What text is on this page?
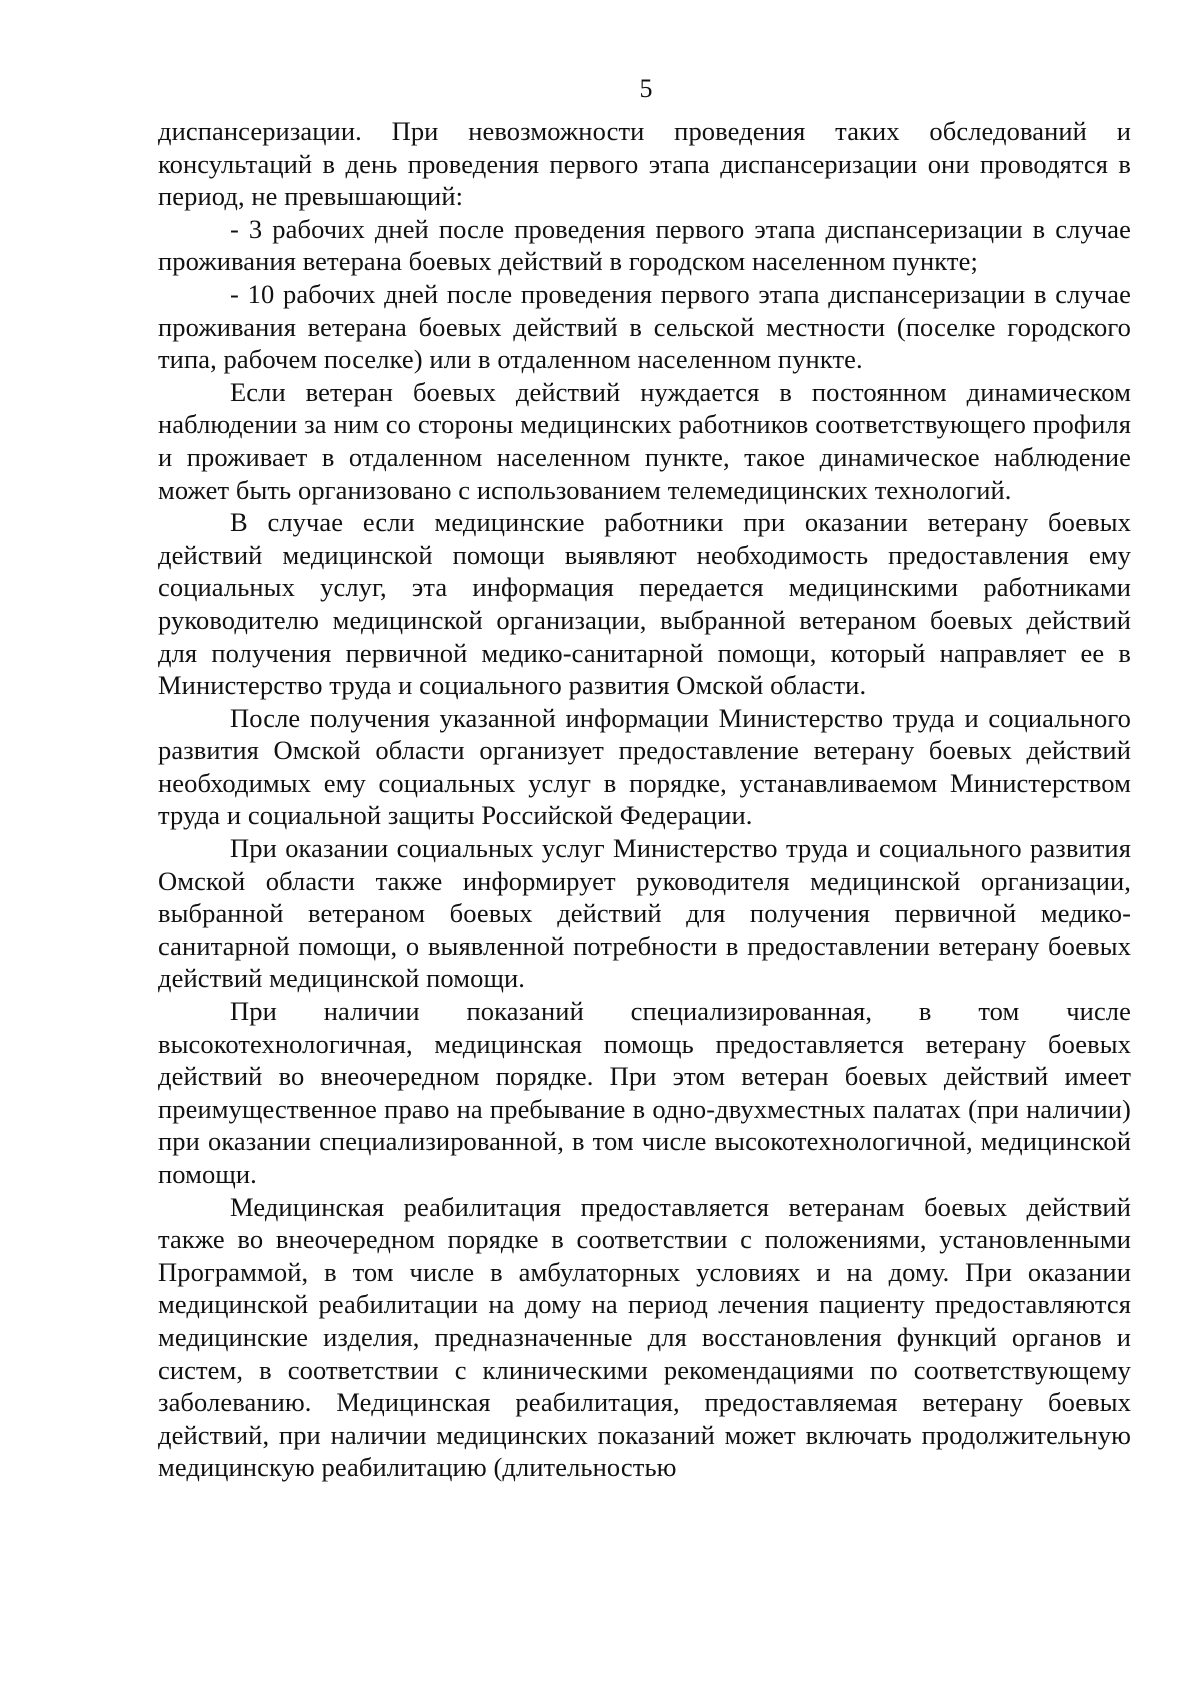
5

диспансеризации. При невозможности проведения таких обследований и консультаций в день проведения первого этапа диспансеризации они проводятся в период, не превышающий:

- 3 рабочих дней после проведения первого этапа диспансеризации в случае проживания ветерана боевых действий в городском населенном пункте;

- 10 рабочих дней после проведения первого этапа диспансеризации в случае проживания ветерана боевых действий в сельской местности (поселке городского типа, рабочем поселке) или в отдаленном населенном пункте.

Если ветеран боевых действий нуждается в постоянном динамическом наблюдении за ним со стороны медицинских работников соответствующего профиля и проживает в отдаленном населенном пункте, такое динамическое наблюдение может быть организовано с использованием телемедицинских технологий.

В случае если медицинские работники при оказании ветерану боевых действий медицинской помощи выявляют необходимость предоставления ему социальных услуг, эта информация передается медицинскими работниками руководителю медицинской организации, выбранной ветераном боевых действий для получения первичной медико-санитарной помощи, который направляет ее в Министерство труда и социального развития Омской области.

После получения указанной информации Министерство труда и социального развития Омской области организует предоставление ветерану боевых действий необходимых ему социальных услуг в порядке, устанавливаемом Министерством труда и социальной защиты Российской Федерации.

При оказании социальных услуг Министерство труда и социального развития Омской области также информирует руководителя медицинской организации, выбранной ветераном боевых действий для получения первичной медико-санитарной помощи, о выявленной потребности в предоставлении ветерану боевых действий медицинской помощи.

При наличии показаний специализированная, в том числе высокотехнологичная, медицинская помощь предоставляется ветерану боевых действий во внеочередном порядке. При этом ветеран боевых действий имеет преимущественное право на пребывание в одно-двухместных палатах (при наличии) при оказании специализированной, в том числе высокотехнологичной, медицинской помощи.

Медицинская реабилитация предоставляется ветеранам боевых действий также во внеочередном порядке в соответствии с положениями, установленными Программой, в том числе в амбулаторных условиях и на дому. При оказании медицинской реабилитации на дому на период лечения пациенту предоставляются медицинские изделия, предназначенные для восстановления функций органов и систем, в соответствии с клиническими рекомендациями по соответствующему заболеванию. Медицинская реабилитация, предоставляемая ветерану боевых действий, при наличии медицинских показаний может включать продолжительную медицинскую реабилитацию (длительностью
